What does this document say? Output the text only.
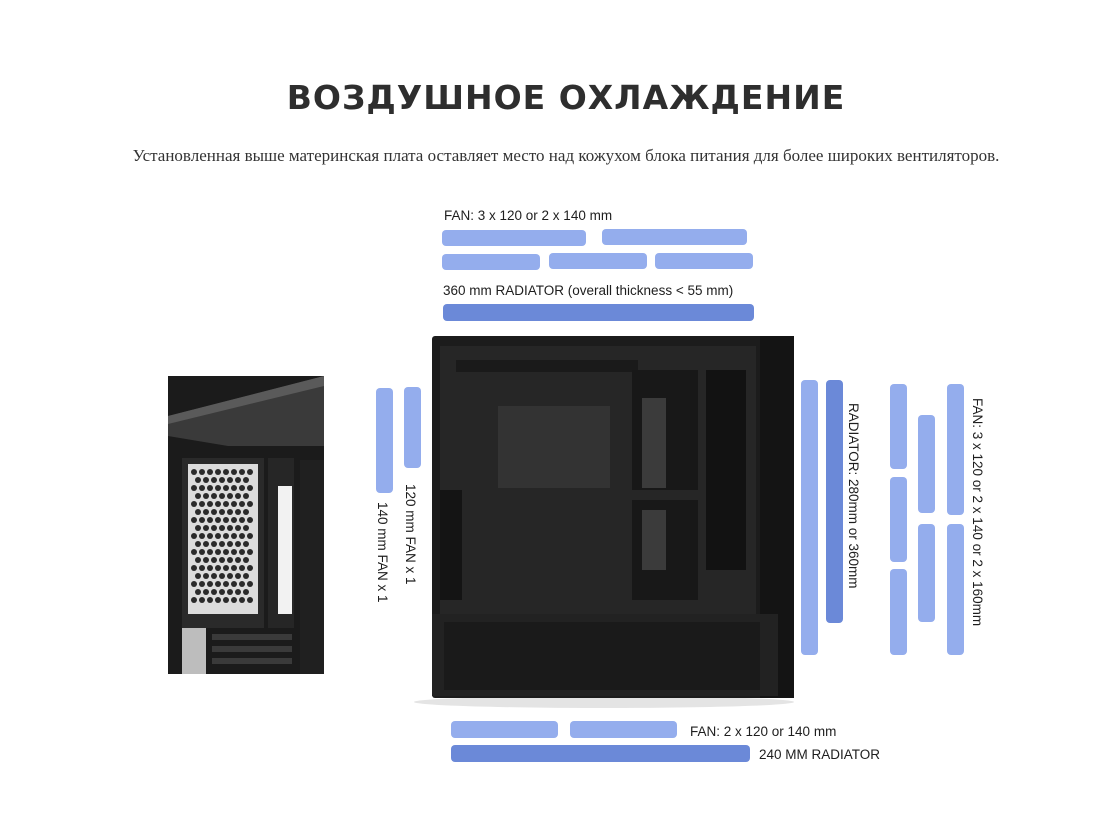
ВОЗДУШНОЕ ОХЛАЖДЕНИЕ
Установленная выше материнская плата оставляет место над кожухом блока питания для более широких вентиляторов.
FAN: 3 x 120 or 2 x 140 mm
360 mm RADIATOR (overall thickness < 55 mm)
120 mm FAN x 1
140 mm FAN x 1	RADIATOR: 280mm or 360mm	FAN: 3 x 120 or 2 x 140 or 2 x 160mm
FAN: 2 x 120 or 140 mm
240 MM RADIATOR
